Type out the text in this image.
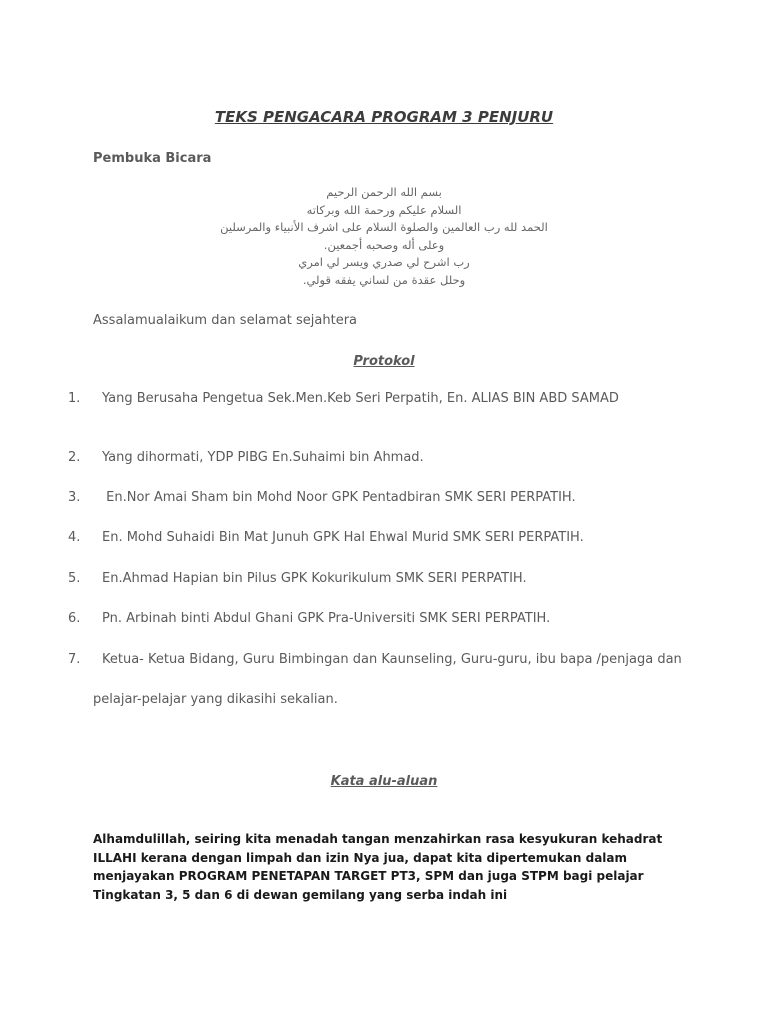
TEKS PENGACARA PROGRAM 3 PENJURU
Pembuka Bicara
بسم الله الرحمن الرحيم
السلام عليكم ورحمة الله وبركاته
الحمد لله رب العالمين والصلوة السلام على اشرف الأنبياء والمرسلين
وعلى أله وصحبه أجمعين.
رب اشرح لي صدري ويسر لي امري
وحلل عقدة من لساني يفقه قولي.
Assalamualaikum dan selamat sejahtera
Protokol
1. Yang Berusaha Pengetua Sek.Men.Keb Seri Perpatih, En. ALIAS BIN ABD SAMAD
2. Yang dihormati, YDP PIBG En.Suhaimi bin Ahmad.
3. En.Nor Amai Sham bin Mohd Noor GPK Pentadbiran SMK SERI PERPATIH.
4. En. Mohd Suhaidi Bin Mat Junuh GPK Hal Ehwal Murid SMK SERI PERPATIH.
5. En.Ahmad Hapian bin Pilus GPK Kokurikulum SMK SERI PERPATIH.
6. Pn. Arbinah binti Abdul Ghani GPK Pra-Universiti SMK SERI PERPATIH.
7. Ketua- Ketua Bidang, Guru Bimbingan dan Kaunseling, Guru-guru, ibu bapa /penjaga dan
pelajar-pelajar yang dikasihi sekalian.
Kata alu-aluan
Alhamdulillah, seiring kita menadah tangan menzahirkan rasa kesyukuran kehadrat ILLAHI kerana dengan limpah dan izin Nya jua, dapat kita dipertemukan dalam menjayakan PROGRAM PENETAPAN TARGET PT3, SPM dan juga STPM bagi pelajar Tingkatan 3, 5 dan 6 di dewan gemilang yang serba indah ini
